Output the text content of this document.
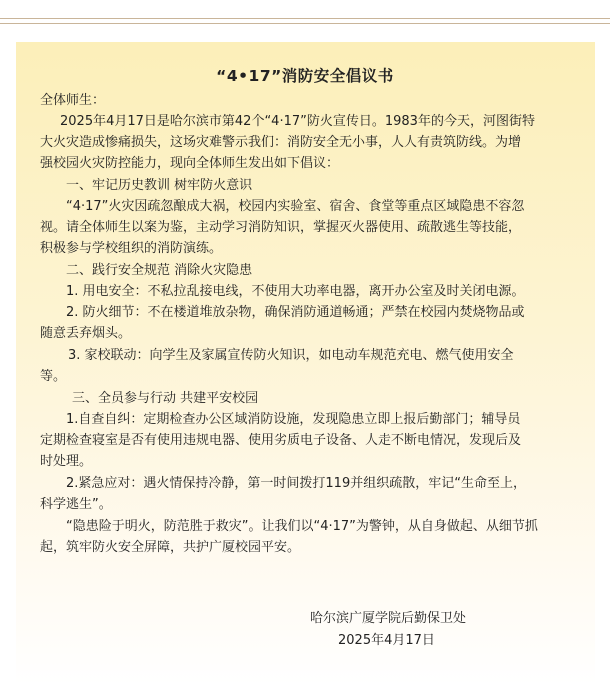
“4•17”消防安全倡议书
全体师生：
2025年4月17日是哈尔滨市第42个“4·17”防火宣传日。1983年的今天，河图街特
大火灾造成惨痛损失，这场灾难警示我们：消防安全无小事，人人有责筑防线。为增
强校园火灾防控能力，现向全体师生发出如下倡议：
一、牢记历史教训 树牢防火意识
“4·17”火灾因疏忽酿成大祸，校园内实验室、宿舍、食堂等重点区域隐患不容忽
视。请全体师生以案为鉴，主动学习消防知识，掌握灭火器使用、疏散逃生等技能，
积极参与学校组织的消防演练。
二、践行安全规范 消除火灾隐患
1. 用电安全：不私拉乱接电线，不使用大功率电器，离开办公室及时关闭电源。
2. 防火细节：不在楼道堆放杂物，确保消防通道畅通；严禁在校园内焚烧物品或
随意丢弃烟头。
3. 家校联动：向学生及家属宣传防火知识，如电动车规范充电、燃气使用安全
等。
三、全员参与行动 共建平安校园
1.自查自纠：定期检查办公区域消防设施，发现隐患立即上报后勤部门；辅导员
定期检查寝室是否有使用违规电器、使用劣质电子设备、人走不断电情况，发现后及
时处理。
2.紧急应对：遇火情保持冷静，第一时间拨打119并组织疏散，牢记“生命至上，
科学逃生”。
“隐患险于明火，防范胜于救灾”。让我们以“4·17”为警钟，从自身做起、从细节抓
起，筑牢防火安全屏障，共护广厦校园平安。
哈尔滨广厦学院后勤保卫处
2025年4月17日
